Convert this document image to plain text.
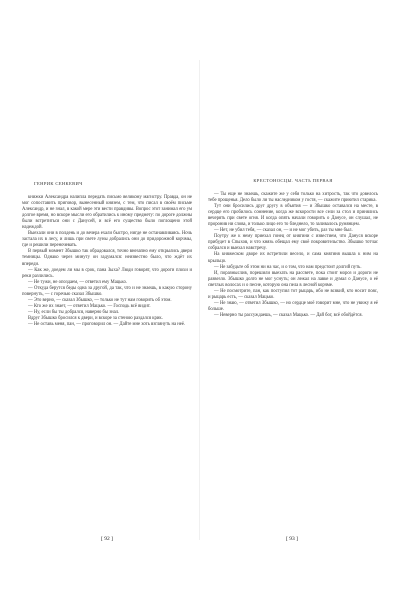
ГЕНРИК СЕНКЕВИЧ

книжки Александра налипла передать письмо великому магистру. Правда, он не мог сопоставить приговор, вынесенный князем, с тем, что писал в своём письме Александр, и не знал, в какой мере эти вести правдивы. Вопрос этот занимал его ум долгое время, но вскоре мысли его обратились к иному предмету: по дороге должны были встретиться они с Данусей, и всё его существо было поглощено этой надеждой.

Выехали они в полдень и до вечера ехали быстро, нигде не останавливаясь. Ночь застала их в лесу, и лишь при свете луны добрались они до придорожной корчмы, где и решили переночевать.

В первый момент Збышко так обрадовался, точно внезапно ему открылись двери темницы. Однако через минуту он задумался: неизвестно было, что ждёт их впереди.

— Как же, доедем ли мы в срок, пана Зыха? Люди говорят, что дороги плохи и реки разлились.

— Не тужи, не опоздаем, — ответил ему Мацько.

— Откуда берутся беды одна за другой, да так, что и не знаешь, в какую сторону повернуть, — с горечью сказал Збышко.

— Это верно, — сказал Збышко, — только не тут нам говорить об этом.

— Кто же их знает, — ответил Мацько. — Господь всё видит.

— Ну, если бы ты добрался, наверно бы знал.

Вдруг Збышко бросился к двери, и вскоре за стеною раздался крик.

— Не оставь меня, пан, — проговорил он. — Дайте мне хоть взглянуть на неё.

КРЕСТОНОСЦЫ. ЧАСТЬ ПЕРВАЯ

— Ты еще не знаешь, скажите же у себя только на хитрость, так что довелось тебе прощенья. Дело было ли ты наследником у гостя, — скажите приютил старика.

Тут они бросились друг другу в объятия — и Збышко оставался на месте, в сердце его пробилось сомнение, когда же вскорости все сели за стол и принялись вечерять при свете огня. И когда опять начали говорить о Данусе, он слушал, не проронив ни слова, и только лицо его то бледнело, то заливалось румянцем.

— Нет, не убил тебя, — сказал он, — и не мог убить, раз ты мне был.

Поутру же к нему приехал гонец от княгини с известием, что Дануся вскоре прибудет в Спыхов, и что князь обещал ему своё покровительство. Збышко тотчас собрался и выехал навстречу.

На княжеском дворе их встретили весело, и сама княгиня вышла к ним на крыльцо.

— Не забудьте об этом ни на час, и о том, что нам предстоит долгий путь.

И, поразмыслив, порешили выехать на рассвете, пока стоит мороз и дороги не развезло. Збышко долго не мог уснуть; он лежал на лавке и думал о Данусе, о её светлых волосах и о песне, которую она пела в лесной корчме.

— Не посмотрите, пан, как поступил тот рыцарь, ибо не всякий, кто носит пояс, и рыцарь есть, — сказал Мацько.

— Не знаю, — ответил Збышко, — но сердце моё говорит мне, что не увижу я её больше.

— Неверно ты рассуждаешь, — сказал Мацько. — Дай бог, всё обойдётся.

[ 92 ]	[ 93 ]
